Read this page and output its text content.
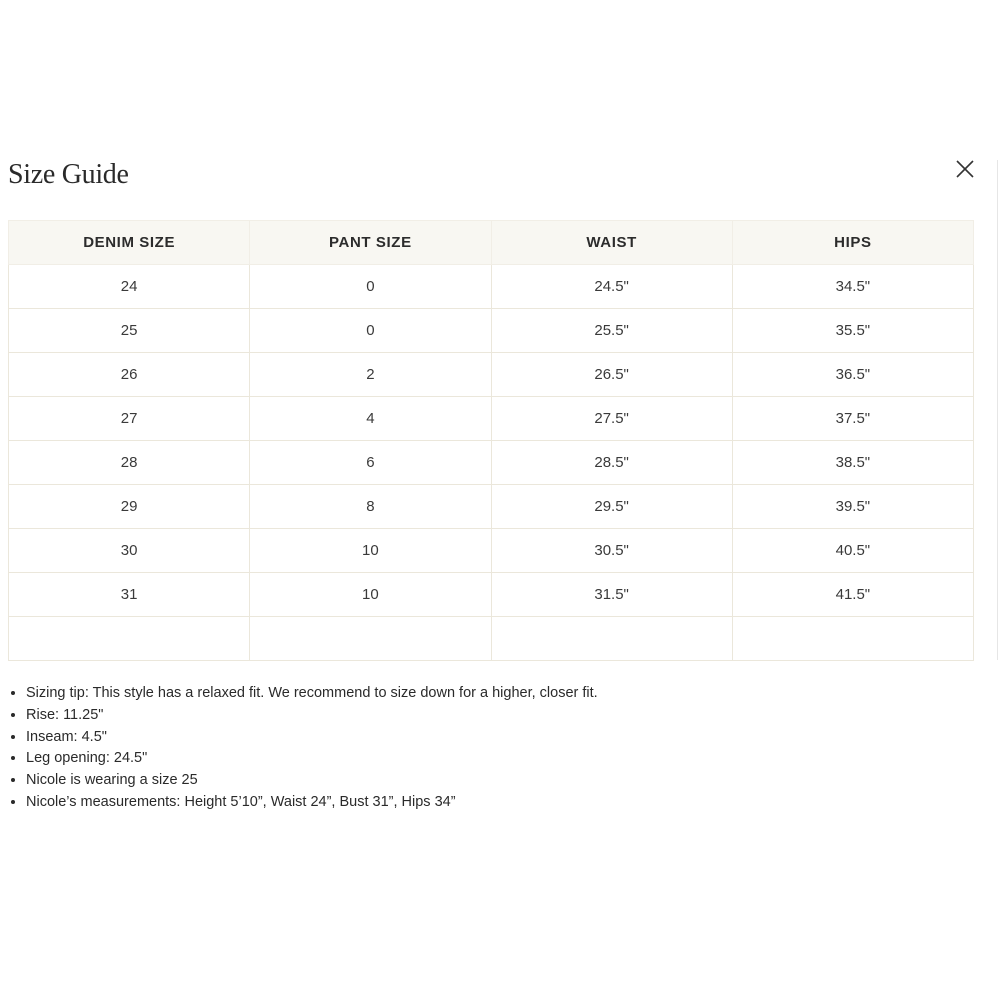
Size Guide
DENIM SIZE	PANT SIZE	WAIST	HIPS
24	0	24.5"	34.5"
25	0	25.5"	35.5"
26	2	26.5"	36.5"
27	4	27.5"	37.5"
28	6	28.5"	38.5"
29	8	29.5"	39.5"
30	10	30.5"	40.5"
31	10	31.5"	41.5"

• Sizing tip: This style has a relaxed fit. We recommend to size down for a higher, closer fit.
• Rise: 11.25"
• Inseam: 4.5"
• Leg opening: 24.5"
• Nicole is wearing a size 25
• Nicole’s measurements: Height 5’10”, Waist 24”, Bust 31”, Hips 34”
